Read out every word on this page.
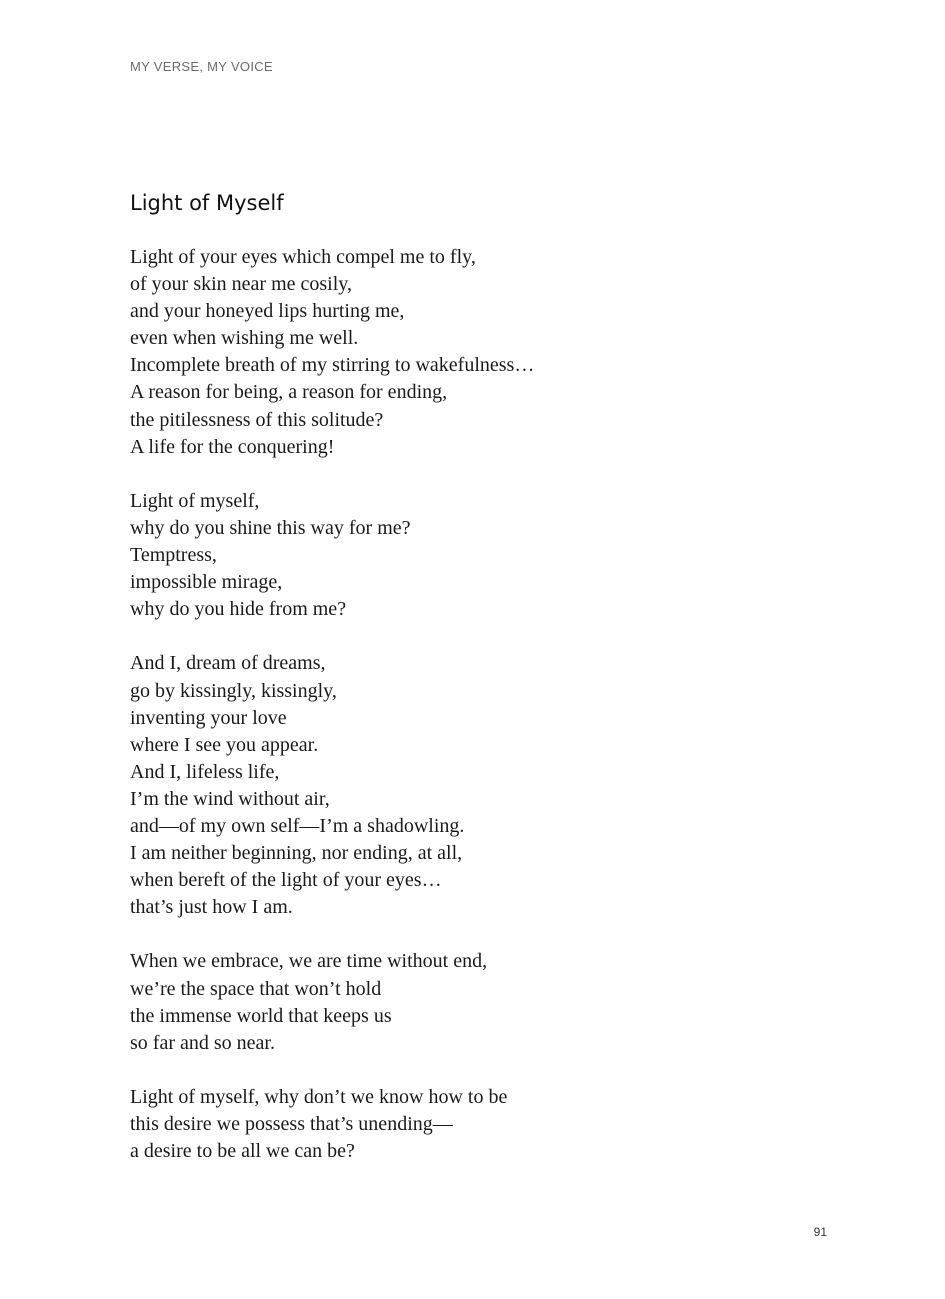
MY VERSE, MY VOICE
Light of Myself

Light of your eyes which compel me to fly,
of your skin near me cosily,
and your honeyed lips hurting me,
even when wishing me well.
Incomplete breath of my stirring to wakefulness…
A reason for being, a reason for ending,
the pitilessness of this solitude?
A life for the conquering!

Light of myself,
why do you shine this way for me?
Temptress,
impossible mirage,
why do you hide from me?

And I, dream of dreams,
go by kissingly, kissingly,
inventing your love
where I see you appear.
And I, lifeless life,
I’m the wind without air,
and—of my own self—I’m a shadowling.
I am neither beginning, nor ending, at all,
when bereft of the light of your eyes…
that’s just how I am.

When we embrace, we are time without end,
we’re the space that won’t hold
the immense world that keeps us
so far and so near.

Light of myself, why don’t we know how to be
this desire we possess that’s unending—
a desire to be all we can be?

91
